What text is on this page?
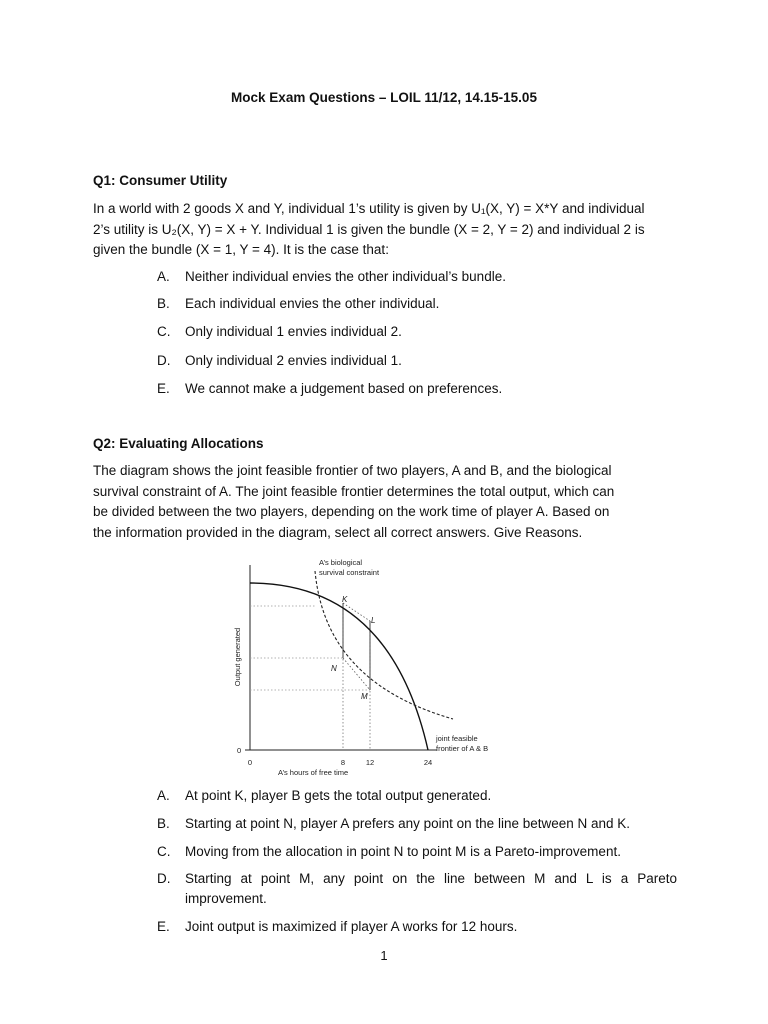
Mock Exam Questions – LOIL 11/12, 14.15-15.05
Q1: Consumer Utility
In a world with 2 goods X and Y, individual 1’s utility is given by U₁(X, Y) = X*Y and individual
2’s utility is U₂(X, Y) = X + Y. Individual 1 is given the bundle (X = 2, Y = 2) and individual 2 is
given the bundle (X = 1, Y = 4). It is the case that:
A.	Neither individual envies the other individual’s bundle.
B.	Each individual envies the other individual.
C.	Only individual 1 envies individual 2.
D.	Only individual 2 envies individual 1.
E.	We cannot make a judgement based on preferences.
Q2: Evaluating Allocations
The diagram shows the joint feasible frontier of two players, A and B, and the biological
survival constraint of A. The joint feasible frontier determines the total output, which can
be divided between the two players, depending on the work time of player A. Based on
the information provided in the diagram, select all correct answers. Give Reasons.
K
L
N
M
A’s biological
survival constraint
joint feasible
frontier of A & B
Output generated
0
0	8	12	24
A’s hours of free time
A.	At point K, player B gets the total output generated.
B.	Starting at point N, player A prefers any point on the line between N and K.
C.	Moving from the allocation in point N to point M is a Pareto-improvement.
D.	Starting at point M, any point on the line between M and L is a Pareto improvement.
E.	Joint output is maximized if player A works for 12 hours.
1
